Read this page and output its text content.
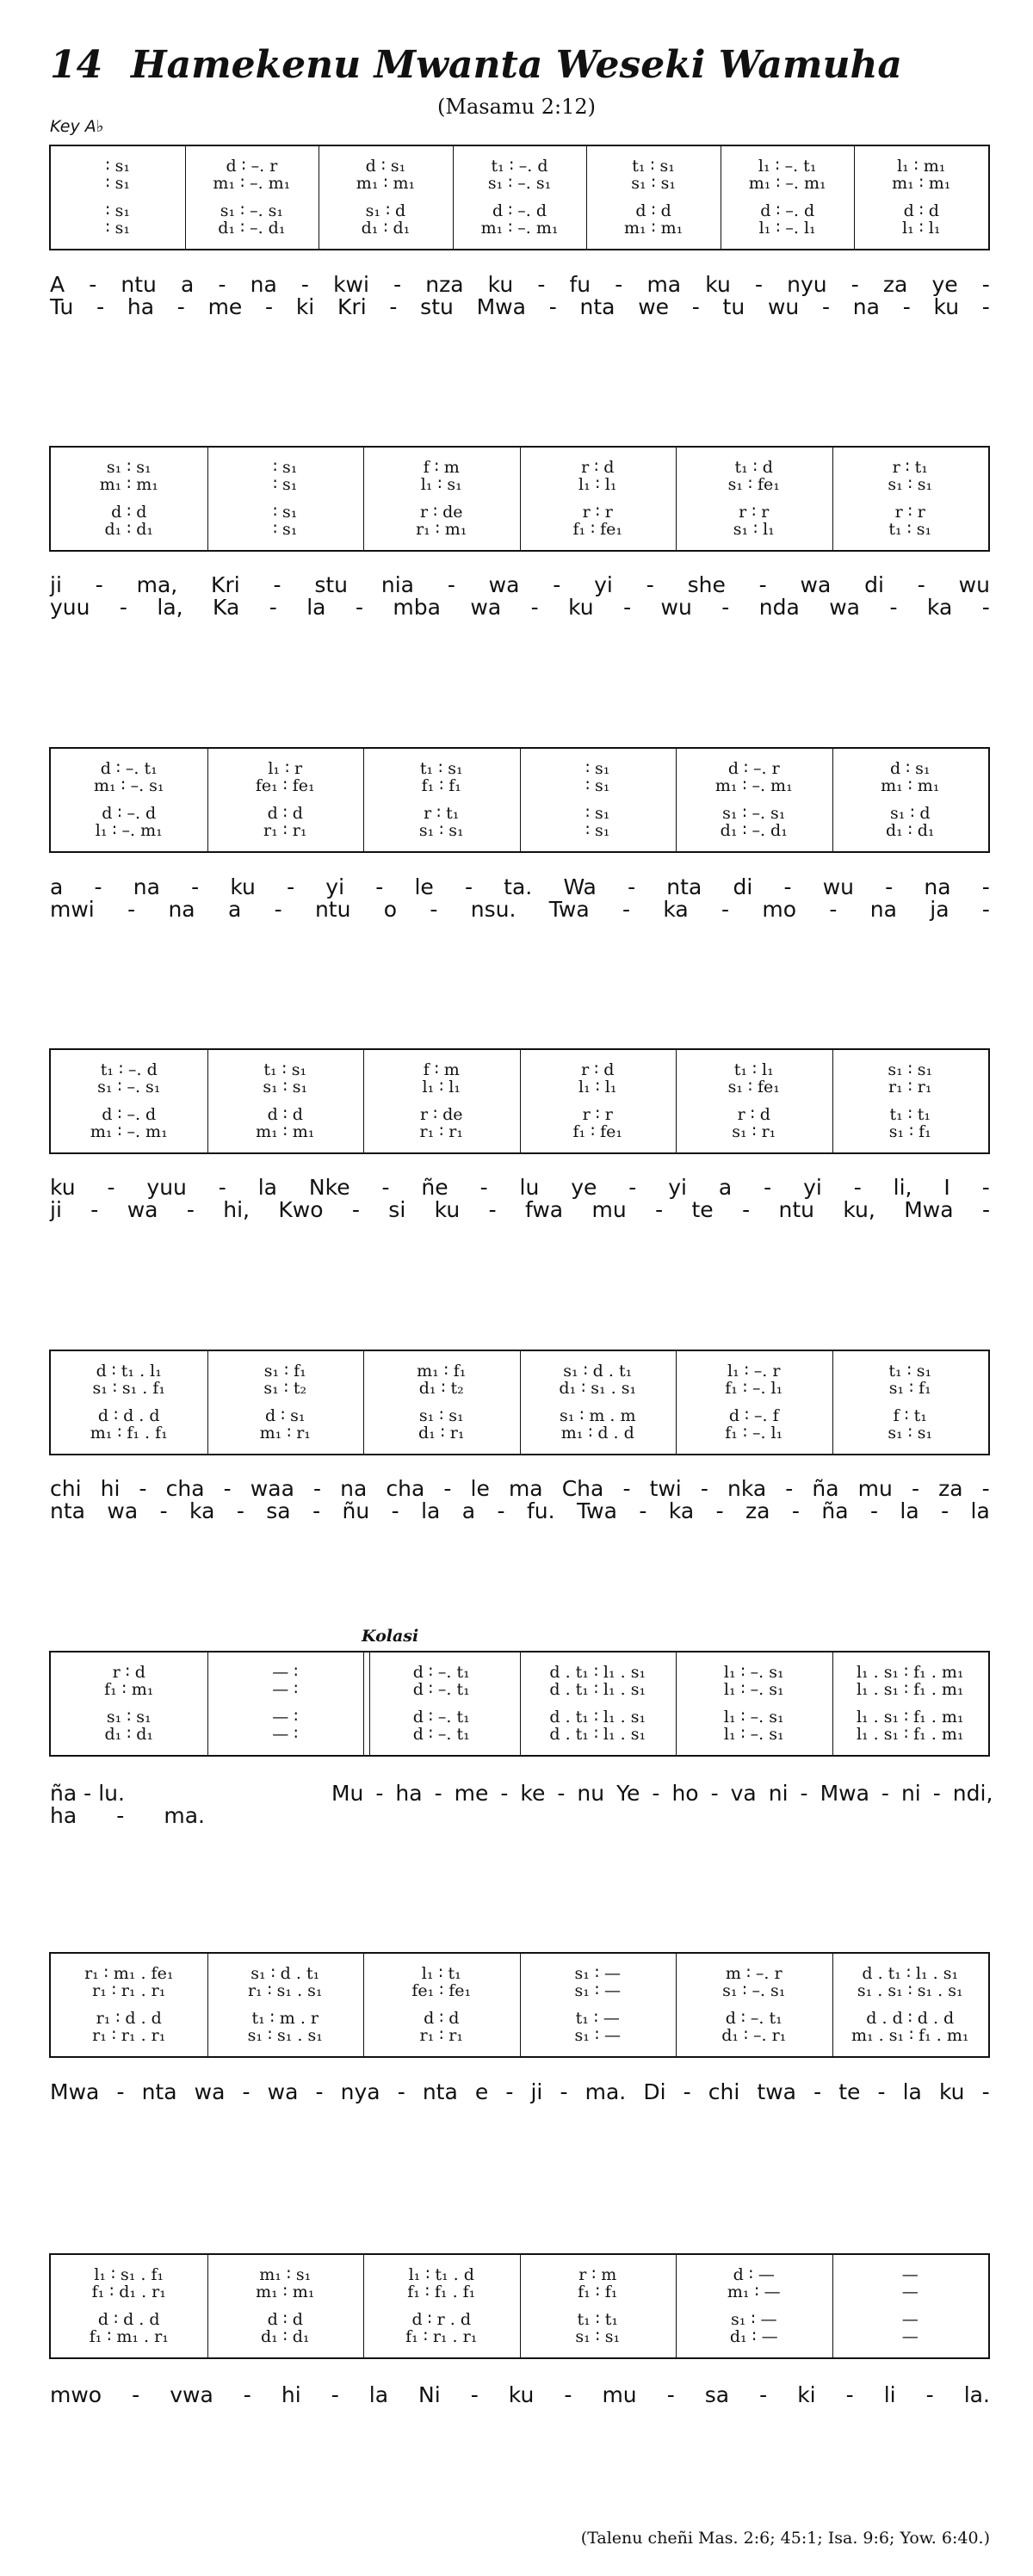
14 Hamekenu Mwanta Weseki Wamuha
(Masamu 2:12)
Key A♭
∶ s₁	d ∶ –. r	d ∶ s₁	t₁ ∶ –. d	t₁ ∶ s₁	l₁ ∶ –. t₁	l₁ ∶ m₁
∶ s₁	m₁ ∶ –. m₁	m₁ ∶ m₁	s₁ ∶ –. s₁	s₁ ∶ s₁	m₁ ∶ –. m₁	m₁ ∶ m₁
∶ s₁	s₁ ∶ –. s₁	s₁ ∶ d	d ∶ –. d	d ∶ d	d ∶ –. d	d ∶ d
∶ s₁	d₁ ∶ –. d₁	d₁ ∶ d₁	m₁ ∶ –. m₁	m₁ ∶ m₁	l₁ ∶ –. l₁	l₁ ∶ l₁
A - ntu a - na - kwi - nza ku - fu - ma ku - nyu - za ye -
Tu - ha - me - ki Kri - stu Mwa - nta we - tu wu - na - ku -
s₁ ∶ s₁	∶ s₁	f ∶ m	r ∶ d	t₁ ∶ d	r ∶ t₁
m₁ ∶ m₁	∶ s₁	l₁ ∶ s₁	l₁ ∶ l₁	s₁ ∶ fe₁	s₁ ∶ s₁
d ∶ d	∶ s₁	r ∶ de	r ∶ r	r ∶ r	r ∶ r
d₁ ∶ d₁	∶ s₁	r₁ ∶ m₁	f₁ ∶ fe₁	s₁ ∶ l₁	t₁ ∶ s₁
ji - ma, Kri - stu nia - wa - yi - she - wa di - wu
yuu - la, Ka - la - mba wa - ku - wu - nda wa - ka -
d ∶ –. t₁	l₁ ∶ r	t₁ ∶ s₁	∶ s₁	d ∶ –. r	d ∶ s₁
m₁ ∶ –. s₁	fe₁ ∶ fe₁	f₁ ∶ f₁	∶ s₁	m₁ ∶ –. m₁	m₁ ∶ m₁
d ∶ –. d	d ∶ d	r ∶ t₁	∶ s₁	s₁ ∶ –. s₁	s₁ ∶ d
l₁ ∶ –. m₁	r₁ ∶ r₁	s₁ ∶ s₁	∶ s₁	d₁ ∶ –. d₁	d₁ ∶ d₁
a - na - ku - yi - le - ta. Wa - nta di - wu - na -
mwi - na a - ntu o - nsu. Twa - ka - mo - na ja -
t₁ ∶ –. d	t₁ ∶ s₁	f ∶ m	r ∶ d	t₁ ∶ l₁	s₁ ∶ s₁
s₁ ∶ –. s₁	s₁ ∶ s₁	l₁ ∶ l₁	l₁ ∶ l₁	s₁ ∶ fe₁	r₁ ∶ r₁
d ∶ –. d	d ∶ d	r ∶ de	r ∶ r	r ∶ d	t₁ ∶ t₁
m₁ ∶ –. m₁	m₁ ∶ m₁	r₁ ∶ r₁	f₁ ∶ fe₁	s₁ ∶ r₁	s₁ ∶ f₁
ku - yuu - la Nke - ñe - lu ye - yi a - yi - li, I -
ji - wa - hi, Kwo - si ku - fwa mu - te - ntu ku, Mwa -
d ∶ t₁ . l₁	s₁ ∶ f₁	m₁ ∶ f₁	s₁ ∶ d . t₁	l₁ ∶ –. r	t₁ ∶ s₁
s₁ ∶ s₁ . f₁	s₁ ∶ t₂	d₁ ∶ t₂	d₁ ∶ s₁ . s₁	f₁ ∶ –. l₁	s₁ ∶ f₁
d ∶ d . d	d ∶ s₁	s₁ ∶ s₁	s₁ ∶ m . m	d ∶ –. f	f ∶ t₁
m₁ ∶ f₁ . f₁	m₁ ∶ r₁	d₁ ∶ r₁	m₁ ∶ d . d	f₁ ∶ –. l₁	s₁ ∶ s₁
chi hi - cha - waa - na cha - le ma Cha - twi - nka - ña mu - za -
nta wa - ka - sa - ñu - la a - fu. Twa - ka - za - ña - la - la
r ∶ d	— ∶	d ∶ –. t₁	d . t₁ ∶ l₁ . s₁	l₁ ∶ –. s₁	l₁ . s₁ ∶ f₁ . m₁
f₁ ∶ m₁	— ∶	d ∶ –. t₁	d . t₁ ∶ l₁ . s₁	l₁ ∶ –. s₁	l₁ . s₁ ∶ f₁ . m₁
s₁ ∶ s₁	— ∶	d ∶ –. t₁	d . t₁ ∶ l₁ . s₁	l₁ ∶ –. s₁	l₁ . s₁ ∶ f₁ . m₁
d₁ ∶ d₁	— ∶	d ∶ –. t₁	d . t₁ ∶ l₁ . s₁	l₁ ∶ –. s₁	l₁ . s₁ ∶ f₁ . m₁
ña - lu.	Mu - ha - me - ke - nu Ye - ho - va ni - Mwa - ni - ndi,
ha - ma.
r₁ ∶ m₁ . fe₁	s₁ ∶ d . t₁	l₁ ∶ t₁	s₁ ∶ —	m ∶ –. r	d . t₁ ∶ l₁ . s₁
r₁ ∶ r₁ . r₁	r₁ ∶ s₁ . s₁	fe₁ ∶ fe₁	s₁ ∶ —	s₁ ∶ –. s₁	s₁ . s₁ ∶ s₁ . s₁
r₁ ∶ d . d	t₁ ∶ m . r	d ∶ d	t₁ ∶ —	d ∶ –. t₁	d . d ∶ d . d
r₁ ∶ r₁ . r₁	s₁ ∶ s₁ . s₁	r₁ ∶ r₁	s₁ ∶ —	d₁ ∶ –. r₁	m₁ . s₁ ∶ f₁ . m₁
Mwa - nta wa - wa - nya - nta e - ji - ma. Di - chi twa - te - la ku -
l₁ ∶ s₁ . f₁	m₁ ∶ s₁	l₁ ∶ t₁ . d	r ∶ m	d ∶ —	—
f₁ ∶ d₁ . r₁	m₁ ∶ m₁	f₁ ∶ f₁ . f₁	f₁ ∶ f₁	m₁ ∶ —	—
d ∶ d . d	d ∶ d	d ∶ r . d	t₁ ∶ t₁	s₁ ∶ —	—
f₁ ∶ m₁ . r₁	d₁ ∶ d₁	f₁ ∶ r₁ . r₁	s₁ ∶ s₁	d₁ ∶ —	—
mwo - vwa - hi - la Ni - ku - mu - sa - ki - li - la.
Kolasi
(Talenu cheñi Mas. 2:6; 45:1; Isa. 9:6; Yow. 6:40.)
